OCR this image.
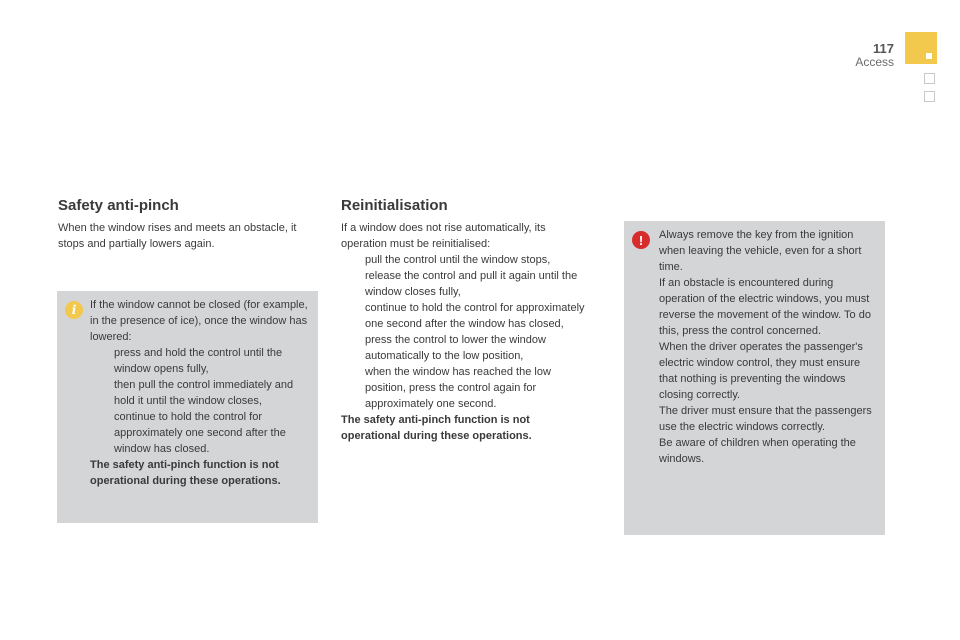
117
Access
Safety anti-pinch

When the window rises and meets an obstacle, it stops and partially lowers again.

i	If the window cannot be closed (for example, in the presence of ice), once the window has lowered:

press and hold the control until the window opens fully,
then pull the control immediately and hold it until the window closes,
continue to hold the control for approximately one second after the window has closed.

The safety anti-pinch function is not operational during these operations.

Reinitialisation

If a window does not rise automatically, its operation must be reinitialised:

pull the control until the window stops,
release the control and pull it again until the window closes fully,
continue to hold the control for approximately one second after the window has closed,
press the control to lower the window automatically to the low position,
when the window has reached the low position, press the control again for approximately one second.

The safety anti-pinch function is not operational during these operations.

!	Always remove the key from the ignition when leaving the vehicle, even for a short time.
If an obstacle is encountered during operation of the electric windows, you must reverse the movement of the window. To do this, press the control concerned.
When the driver operates the passenger's electric window control, they must ensure that nothing is preventing the windows closing correctly.
The driver must ensure that the passengers use the electric windows correctly.
Be aware of children when operating the windows.
